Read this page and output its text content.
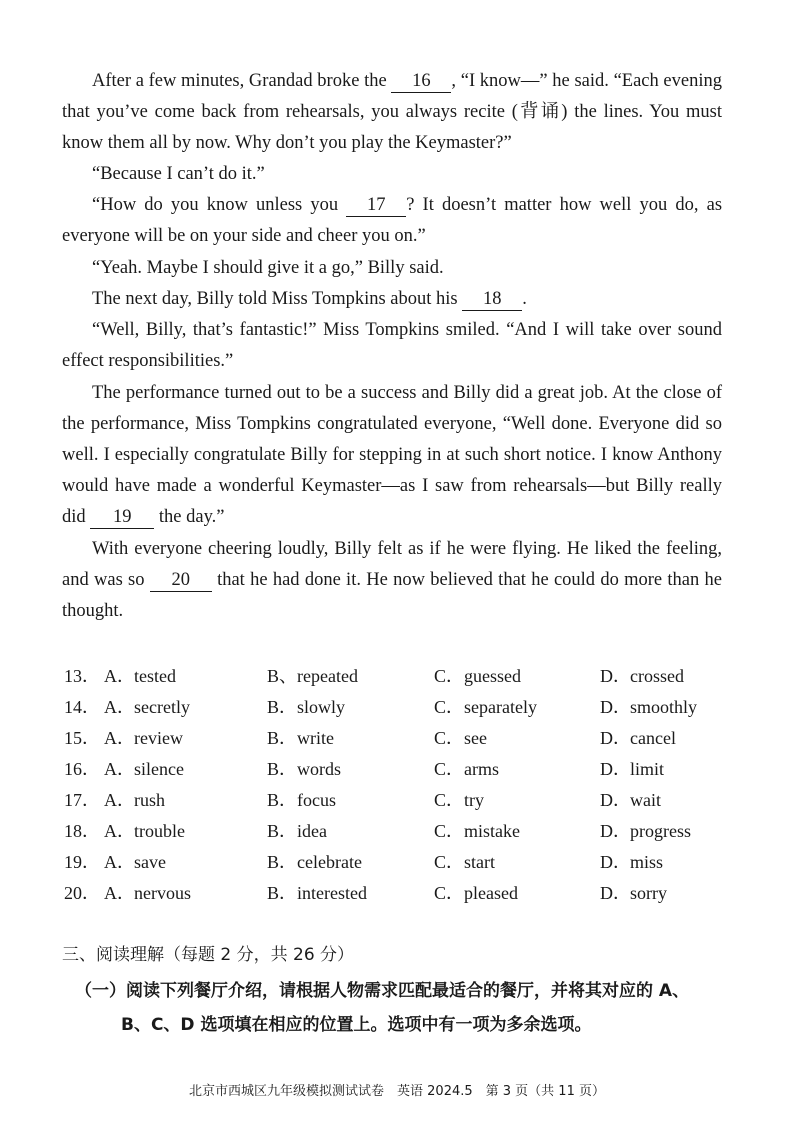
After a few minutes, Grandad broke the 16 , “I know—” he said. “Each evening that you’ve come back from rehearsals, you always recite (背诵) the lines. You must know them all by now. Why don’t you play the Keymaster?”

“Because I can’t do it.”

“How do you know unless you 17 ? It doesn’t matter how well you do, as everyone will be on your side and cheer you on.”

“Yeah. Maybe I should give it a go,” Billy said.

The next day, Billy told Miss Tompkins about his 18 .

“Well, Billy, that’s fantastic!” Miss Tompkins smiled. “And I will take over sound effect responsibilities.”

The performance turned out to be a success and Billy did a great job. At the close of the performance, Miss Tompkins congratulated everyone, “Well done. Everyone did so well. I especially congratulate Billy for stepping in at such short notice. I know Anthony would have made a wonderful Keymaster—as I saw from rehearsals—but Billy really did 19 the day.”

With everyone cheering loudly, Billy felt as if he were flying. He liked the feeling, and was so 20 that he had done it. He now believed that he could do more than he thought.

13． A．tested	B、repeated	C．guessed	D．crossed
14． A．secretly	B．slowly	C．separately	D．smoothly
15． A．review	B．write	C．see	D．cancel
16． A．silence	B．words	C．arms	D．limit
17． A．rush	B．focus	C．try	D．wait
18． A．trouble	B．idea	C．mistake	D．progress
19． A．save	B．celebrate	C．start	D．miss
20． A．nervous	B．interested	C．pleased	D．sorry
三、阅读理解（每题 2 分，共 26 分）
（一）阅读下列餐厅介绍，请根据人物需求匹配最适合的餐厅，并将其对应的 A、
B、C、D 选项填在相应的位置上。选项中有一项为多余选项。
北京市西城区九年级模拟测试试卷　英语 2024.5　第 3 页（共 11 页）
